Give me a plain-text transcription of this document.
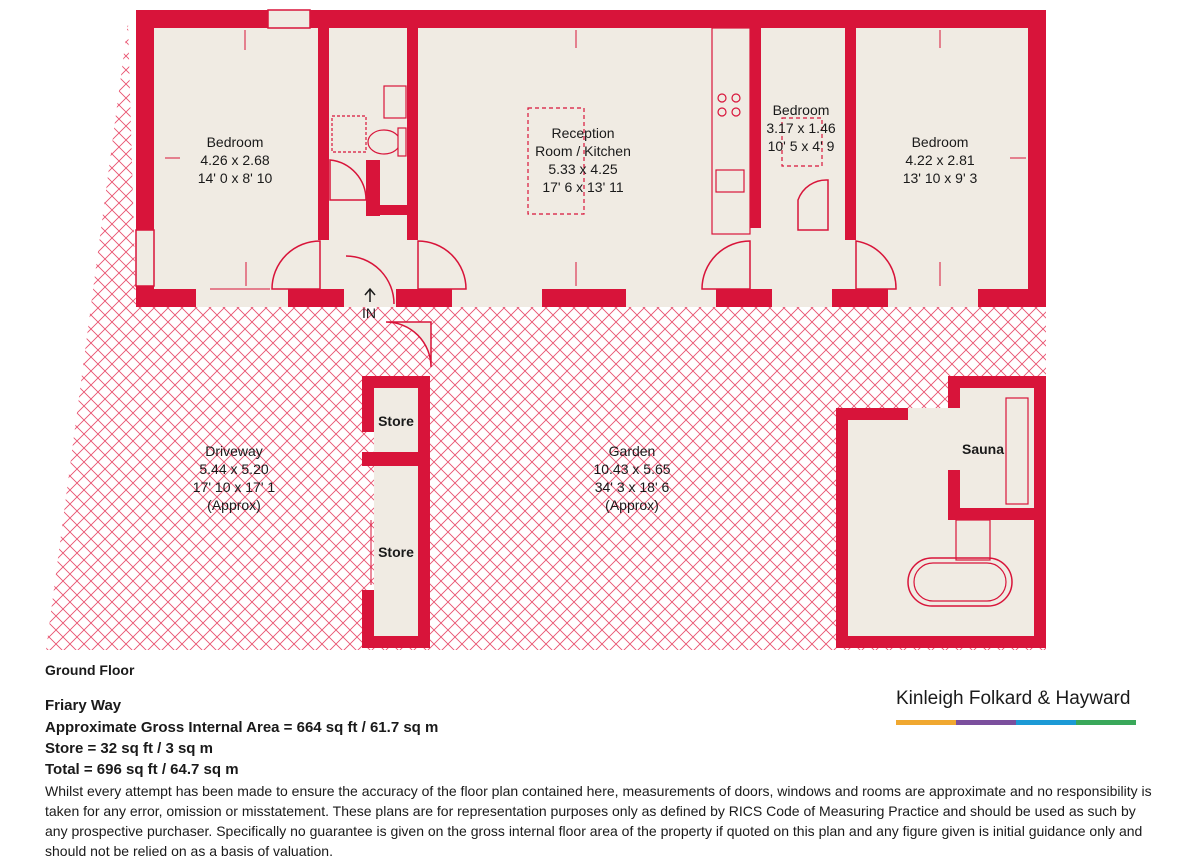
Bedroom
4.26 x 2.68
14' 0 x 8' 10
Reception
Room / Kitchen
5.33 x 4.25
17' 6 x 13' 11
Bedroom
3.17 x 1.46
10' 5 x 4' 9	Bedroom
4.22 x 2.81
13' 10 x 9' 3
Driveway
5.44 x 5.20
17' 10 x 17' 1
(Approx)
Garden
10.43 x 5.65
34' 3 x 18' 6
(Approx)
Store
Store
Sauna
IN
Ground Floor
Friary Way
Approximate Gross Internal Area = 664 sq ft / 61.7 sq m
Store = 32 sq ft / 3 sq m
Total = 696 sq ft / 64.7 sq m
Whilst every attempt has been made to ensure the accuracy of the floor plan contained here, measurements of doors, windows and rooms are approximate and no responsibility is taken for any error, omission or misstatement. These plans are for representation purposes only as defined by RICS Code of Measuring Practice and should be used as such by any prospective purchaser. Specifically no guarantee is given on the gross internal floor area of the property if quoted on this plan and any figure given is initial guidance only and should not be relied on as a basis of valuation.
Kinleigh Folkard & Hayward
